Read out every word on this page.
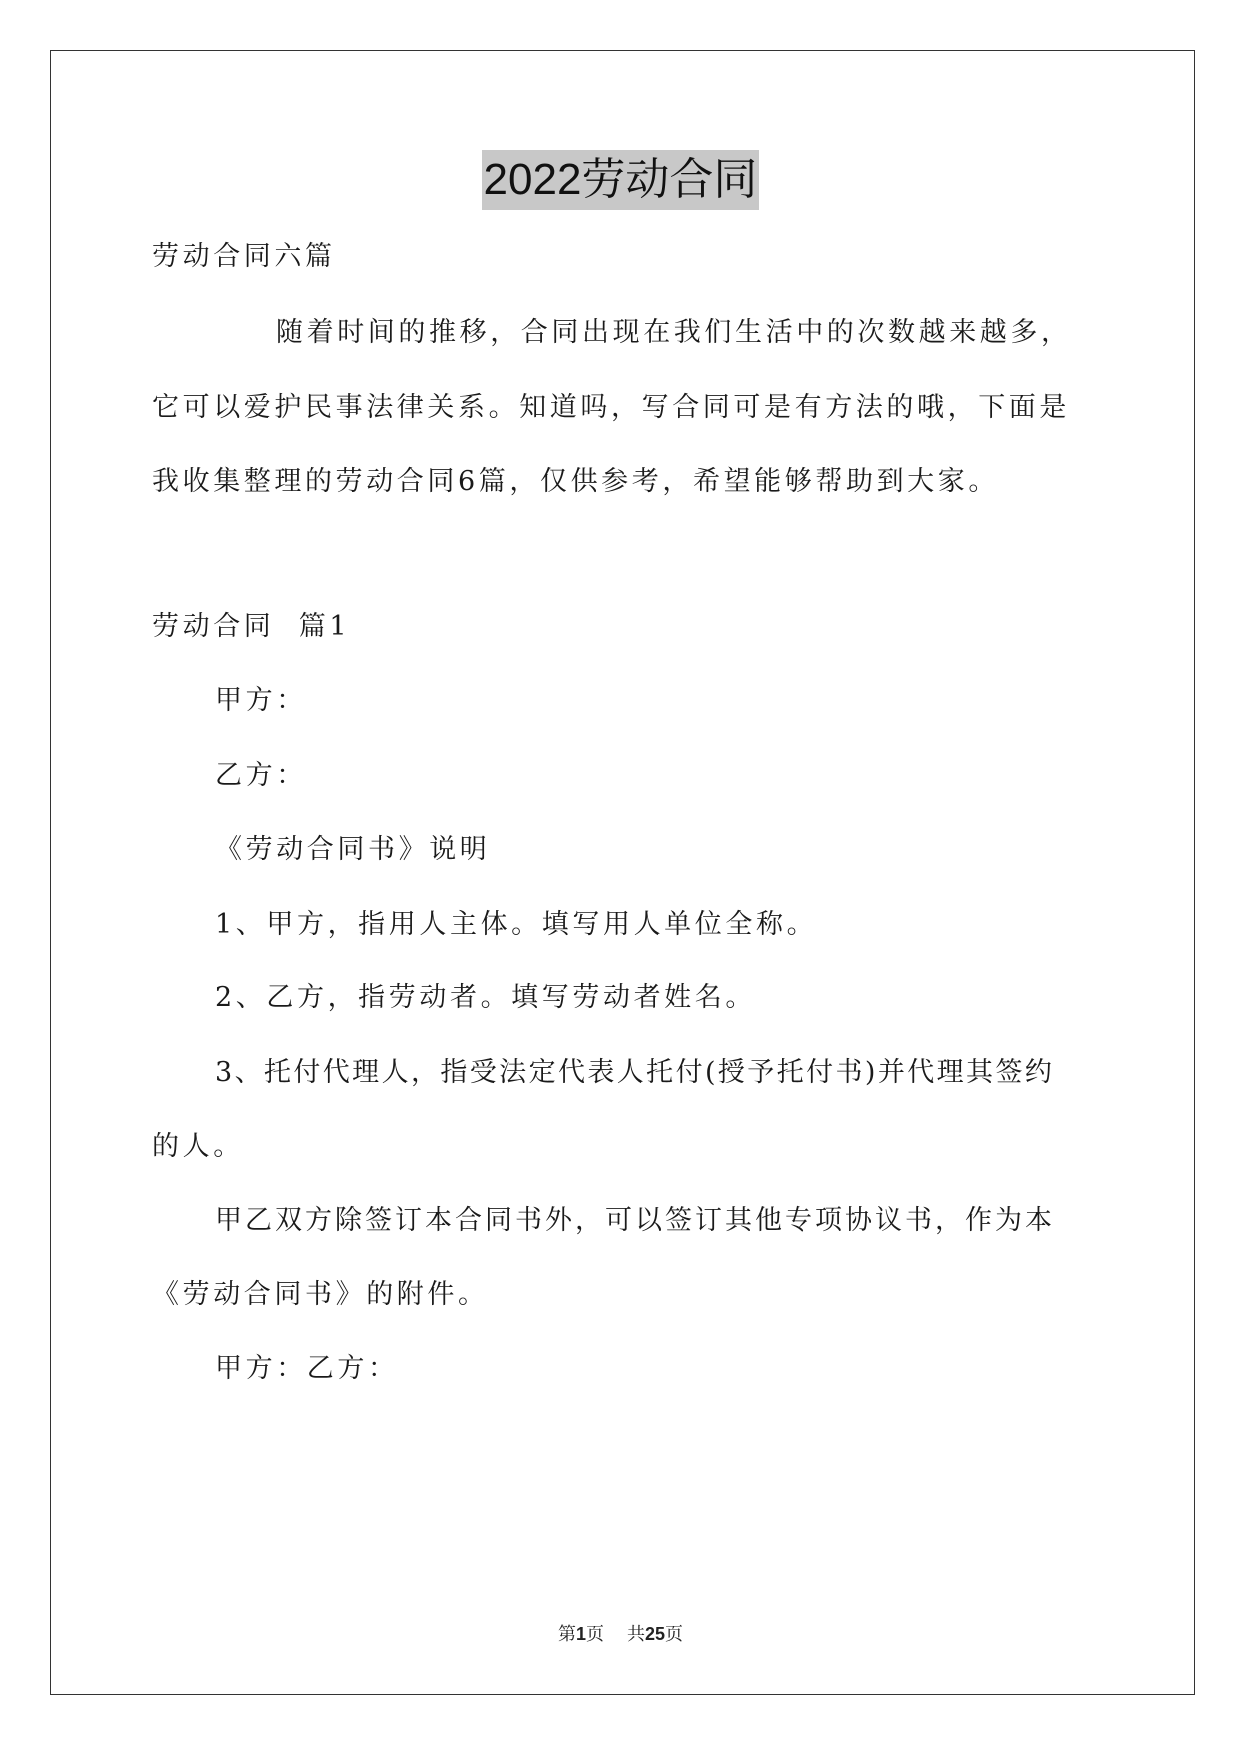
2022劳动合同
劳动合同六篇
随着时间的推移，合同出现在我们生活中的次数越来越多，
它可以爱护民事法律关系。知道吗，写合同可是有方法的哦，下面是
我收集整理的劳动合同6篇，仅供参考，希望能够帮助到大家。
劳动合同  篇1
甲方：
乙方：
《劳动合同书》说明
1、甲方，指用人主体。填写用人单位全称。
2、乙方，指劳动者。填写劳动者姓名。
3、托付代理人，指受法定代表人托付(授予托付书)并代理其签约
的人。
甲乙双方除签订本合同书外，可以签订其他专项协议书，作为本
《劳动合同书》的附件。
甲方：乙方：
第1页 共25页
